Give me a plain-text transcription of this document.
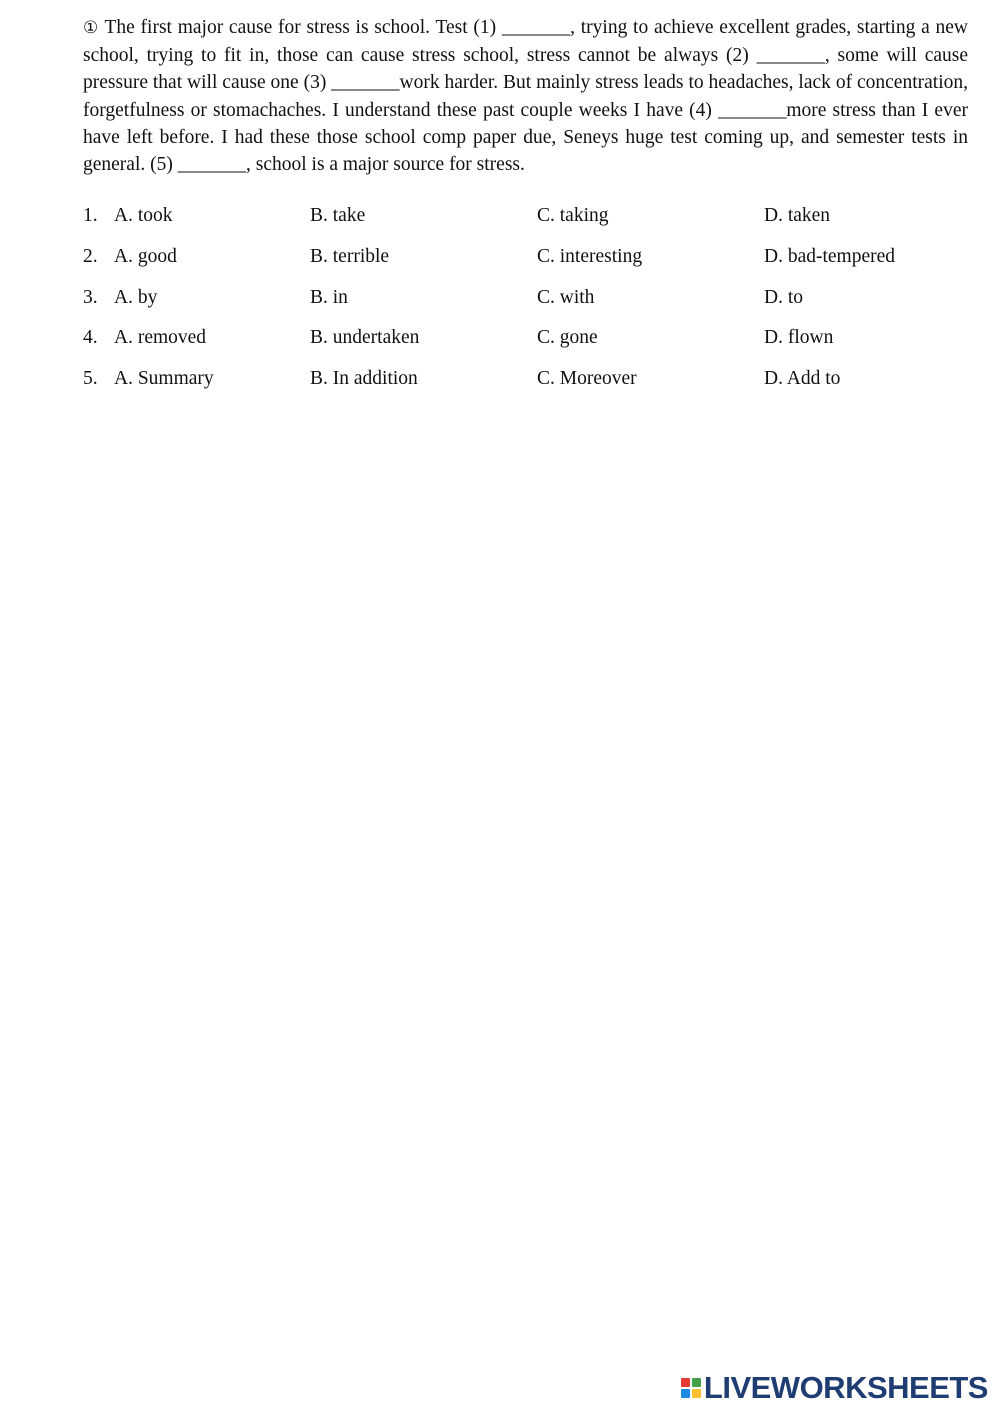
① The first major cause for stress is school. Test (1) _______, trying to achieve excellent grades, starting a new school, trying to fit in, those can cause stress school, stress cannot be always (2) _______, some will cause pressure that will cause one (3) _______work harder. But mainly stress leads to headaches, lack of concentration, forgetfulness or stomachaches. I understand these past couple weeks I have (4) _______more stress than I ever have left before. I had these those school comp paper due, Seneys huge test coming up, and semester tests in general. (5) _______, school is a major source for stress.

1. A. took	B. take	C. taking	D. taken
2. A. good	B. terrible	C. interesting	D. bad-tempered
3. A. by	B. in	C. with	D. to
4. A. removed	B. undertaken	C. gone	D. flown
5. A. Summary	B. In addition	C. Moreover	D. Add to
LIVEWORKSHEETS
